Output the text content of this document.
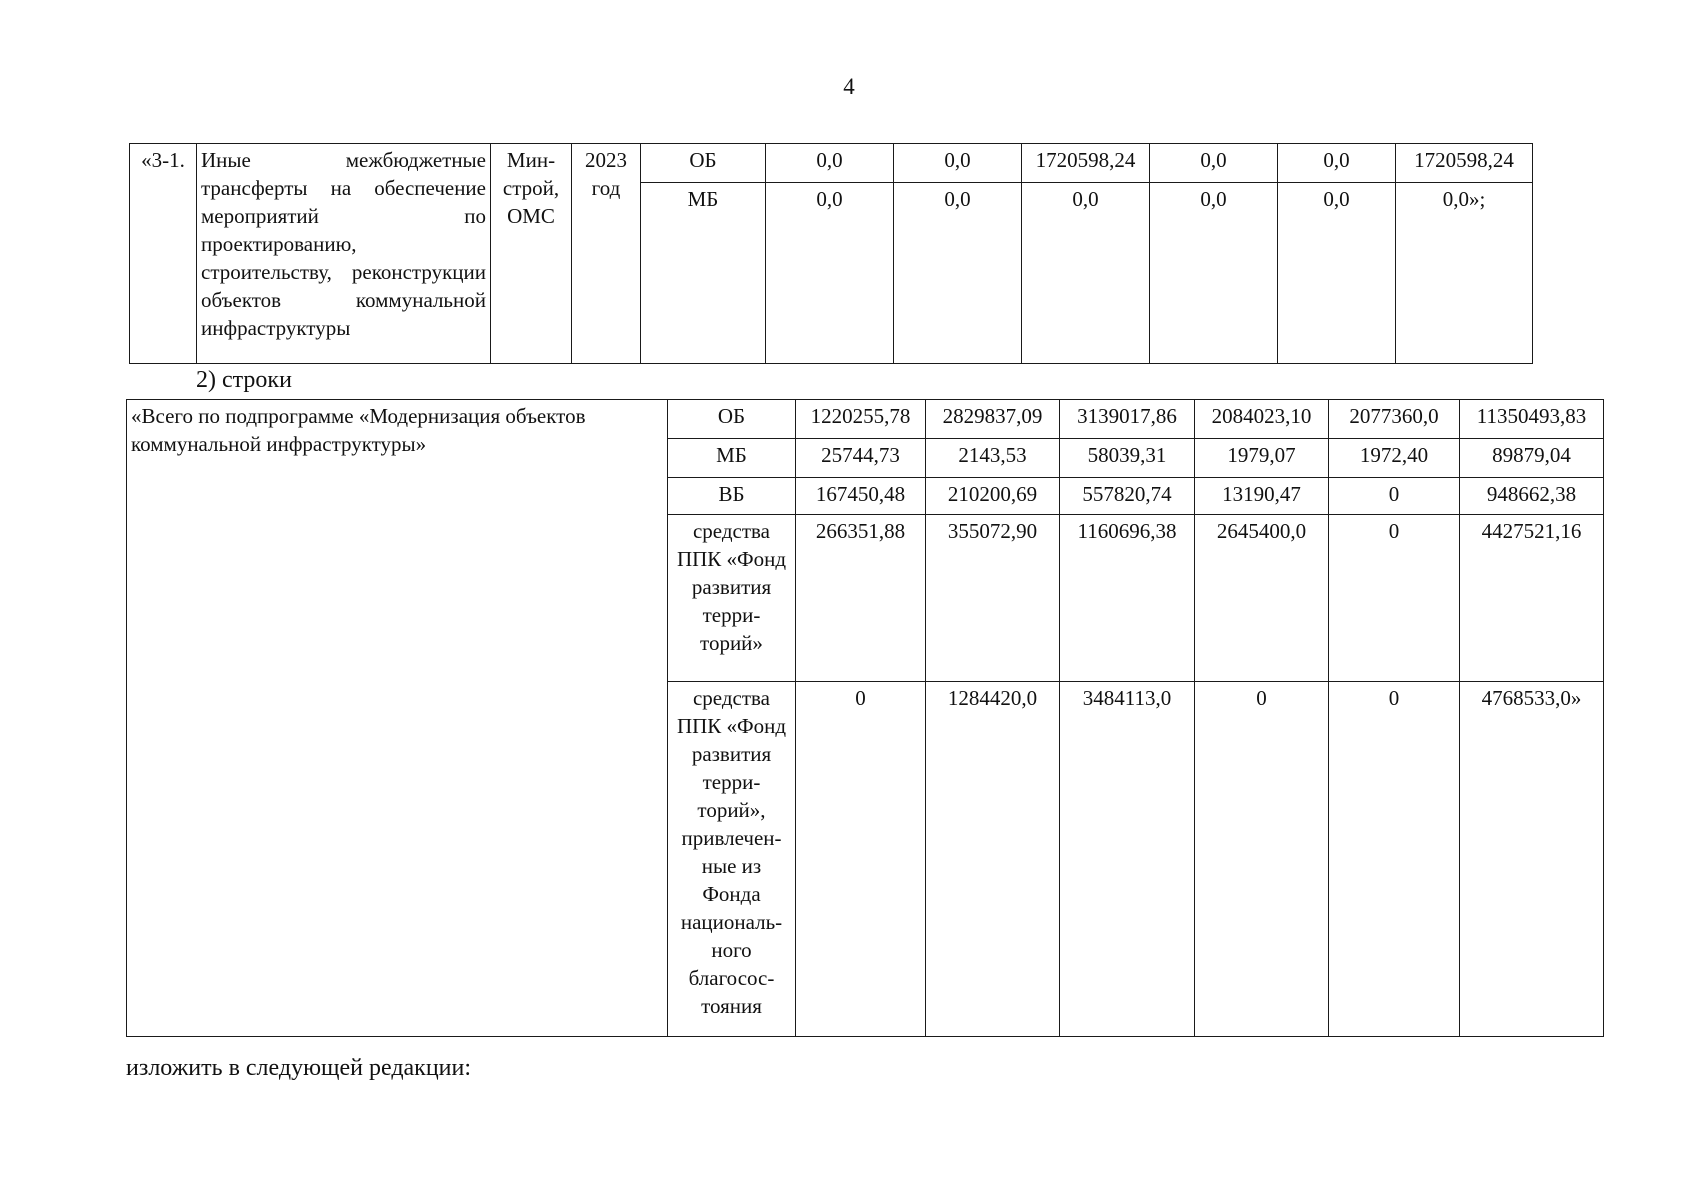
4
«3-1.	Иные межбюджетные трансферты на обеспечение мероприятий по проектированию, строительству, реконструкции объектов коммунальной инфраструктуры	Мин-строй, ОМС	2023 год	ОБ	0,0	0,0	1720598,24	0,0	0,0	1720598,24
				МБ	0,0	0,0	0,0	0,0	0,0	0,0»;
2) строки
«Всего по подпрограмме «Модернизация объектов коммунальной инфраструктуры»	ОБ	1220255,78	2829837,09	3139017,86	2084023,10	2077360,0	11350493,83
	МБ	25744,73	2143,53	58039,31	1979,07	1972,40	89879,04
	ВБ	167450,48	210200,69	557820,74	13190,47	0	948662,38
	средства ППК «Фонд развития терри-торий»	266351,88	355072,90	1160696,38	2645400,0	0	4427521,16
	средства ППК «Фонд развития терри-торий», привлечен-ные из Фонда националь-ного благосос-тояния	0	1284420,0	3484113,0	0	0	4768533,0»
изложить в следующей редакции:
